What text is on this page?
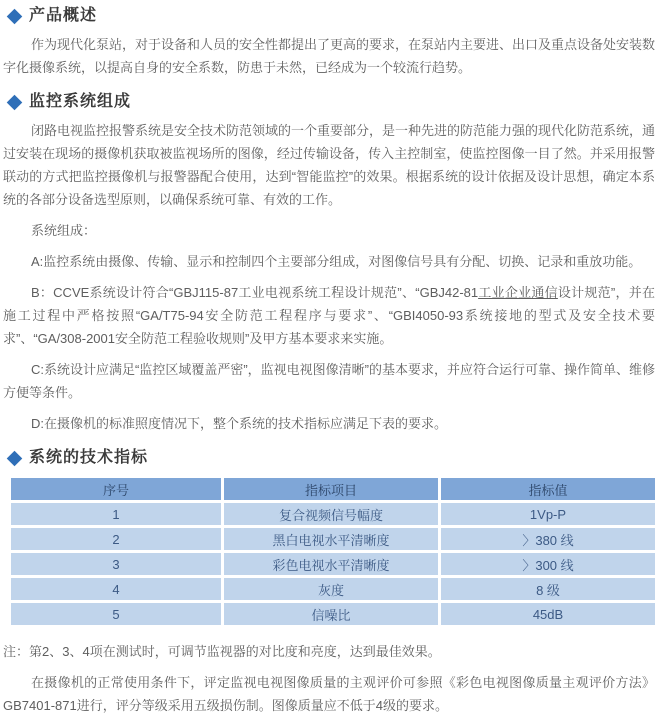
产品概述

作为现代化泵站，对于设备和人员的安全性都提出了更高的要求，在泵站内主要进、出口及重点设备处安装数字化摄像系统，以提高自身的安全系数，防患于未然，已经成为一个较流行趋势。

监控系统组成

闭路电视监控报警系统是安全技术防范领域的一个重要部分，是一种先进的防范能力强的现代化防范系统，通过安装在现场的摄像机获取被监视场所的图像，经过传输设备，传入主控制室，使监控图像一目了然。并采用报警联动的方式把监控摄像机与报警器配合使用，达到“智能监控”的效果。根据系统的设计依据及设计思想，确定本系统的各部分设备选型原则，以确保系统可靠、有效的工作。

系统组成：

A:监控系统由摄像、传输、显示和控制四个主要部分组成，对图像信号具有分配、切换、记录和重放功能。

B：CCVE系统设计符合“GBJ115-87工业电视系统工程设计规范”、“GBJ42-81工业企业通信设计规范”，并在施工过程中严格按照“GA/T75-94安全防范工程程序与要求”、“GBI4050-93系统接地的型式及安全技术要求”、“GA/308-2001安全防范工程验收规则”及甲方基本要求来实施。

C:系统设计应满足“监控区域覆盖严密”，监视电视图像清晰”的基本要求，并应符合运行可靠、操作简单、维修方便等条件。

D:在摄像机的标准照度情况下，整个系统的技术指标应满足下表的要求。

系统的技术指标
序号	指标项目	指标值
1	复合视频信号幅度	1Vp-P
2	黑白电视水平清晰度	〉380 线
3	彩色电视水平清晰度	〉300 线
4	灰度	8 级
5	信噪比	45dB

注：第2、3、4项在测试时，可调节监视器的对比度和亮度，达到最佳效果。

在摄像机的正常使用条件下，评定监视电视图像质量的主观评价可参照《彩色电视图像质量主观评价方法》GB7401-871进行，评分等级采用五级损伤制。图像质量应不低于4级的要求。
